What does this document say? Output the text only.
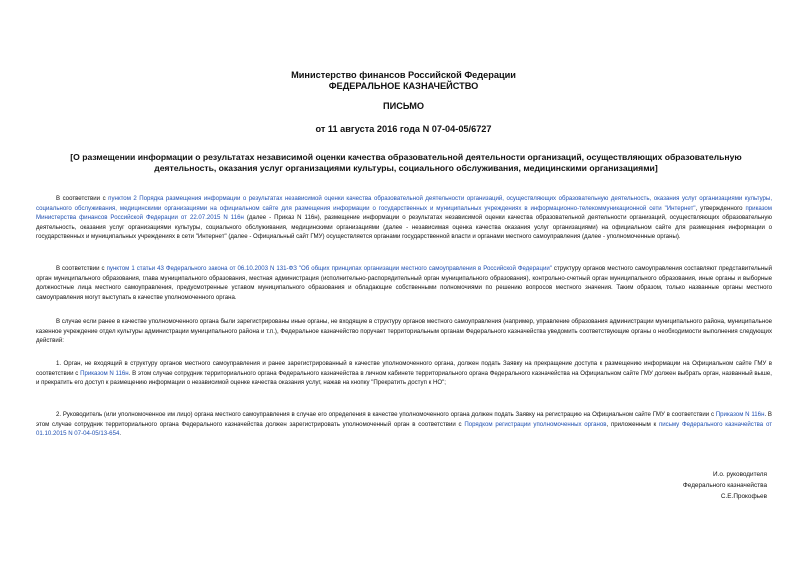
Министерство финансов Российской Федерации
ФЕДЕРАЛЬНОЕ КАЗНАЧЕЙСТВО
ПИСЬМО
от 11 августа 2016 года N 07-04-05/6727
[О размещении информации о результатах независимой оценки качества образовательной деятельности организаций, осуществляющих образовательную деятельность, оказания услуг организациями культуры, социального обслуживания, медицинскими организациями]

В соответствии с пунктом 2 Порядка размещения информации о результатах независимой оценки качества образовательной деятельности организаций, осуществляющих образовательную деятельность, оказания услуг организациями культуры, социального обслуживания, медицинскими организациями на официальном сайте для размещения информации о государственных и муниципальных учреждениях в информационно-телекоммуникационной сети "Интернет", утвержденного приказом Министерства финансов Российской Федерации от 22.07.2015 N 116н (далее - Приказ N 116н), размещение информации о результатах независимой оценки качества образовательной деятельности организаций, осуществляющих образовательную деятельность, оказания услуг организациями культуры, социального обслуживания, медицинскими организациями (далее - независимая оценка качества оказания услуг организациями) на официальном сайте для размещения информации о государственных и муниципальных учреждениях в сети "Интернет" (далее - Официальный сайт ГМУ) осуществляется органами государственной власти и органами местного самоуправления (далее - уполномоченные органы).

В соответствии с пунктом 1 статьи 43 Федерального закона от 06.10.2003 N 131-ФЗ "Об общих принципах организации местного самоуправления в Российской Федерации" структуру органов местного самоуправления составляют представительный орган муниципального образования, глава муниципального образования, местная администрация (исполнительно-распорядительный орган муниципального образования), контрольно-счетный орган муниципального образования, иные органы и выборные должностные лица местного самоуправления, предусмотренные уставом муниципального образования и обладающие собственными полномочиями по решению вопросов местного значения. Таким образом, только названные органы местного самоуправления могут выступать в качестве уполномоченного органа.

В случае если ранее в качестве уполномоченного органа были зарегистрированы иные органы, не входящие в структуру органов местного самоуправления (например, управление образования администрации муниципального района, муниципальное казенное учреждение отдел культуры администрации муниципального района и т.п.), Федеральное казначейство поручает территориальным органам Федерального казначейства уведомить соответствующие органы о необходимости выполнения следующих действий:

1. Орган, не входящий в структуру органов местного самоуправления и ранее зарегистрированный в качестве уполномоченного органа, должен подать Заявку на прекращение доступа к размещению информации на Официальном сайте ГМУ в соответствии с Приказом N 116н. В этом случае сотрудник территориального органа Федерального казначейства в личном кабинете территориального органа Федерального казначейства на Официальном сайте ГМУ должен выбрать орган, названный выше, и прекратить его доступ к размещению информации о независимой оценке качества оказания услуг, нажав на кнопку "Прекратить доступ к НО";

2. Руководитель (или уполномоченное им лицо) органа местного самоуправления в случае его определения в качестве уполномоченного органа должен подать Заявку на регистрацию на Официальном сайте ГМУ в соответствии с Приказом N 116н. В этом случае сотрудник территориального органа Федерального казначейства должен зарегистрировать уполномоченный орган в соответствии с Порядком регистрации уполномоченных органов, приложенным к письму Федерального казначейства от 01.10.2015 N 07-04-05/13-654.

И.о. руководителя
Федерального казначейства
С.Е.Прокофьев
